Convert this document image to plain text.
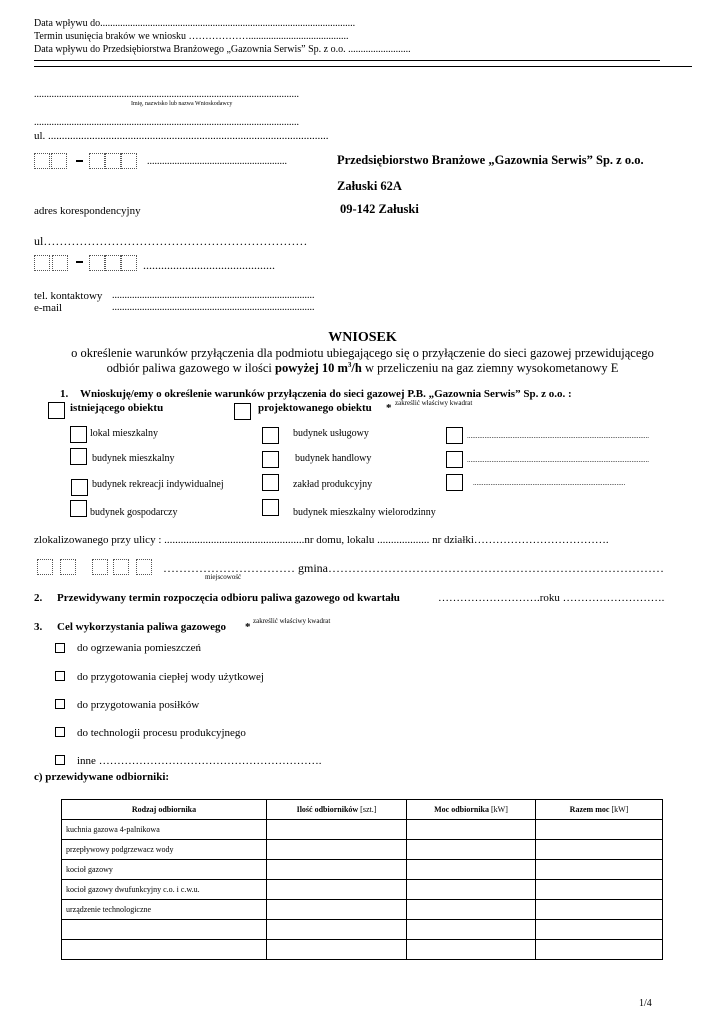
Data wpływu do......................................................................................................
Termin usunięcia braków we wniosku ………………........................................
Data wpływu do Przedsiębiorstwa Branżowego „Gazownia Serwis” Sp. z o.o. .........................
..........................................................................................................
Imię, nazwisko lub nazwa Wnioskodawcy
..........................................................................................................
ul. ......................................................................................................
........................................................
adres korespondencyjny
ul…………………………………………………………
............................................
tel. kontaktowy .................................................................................
e-mail	.................................................................................
Przedsiębiorstwo Branżowe „Gazownia Serwis” Sp. z o.o.
Załuski 62A
09-142 Załuski
WNIOSEK
o określenie warunków przyłączenia dla podmiotu ubiegającego się o przyłączenie do sieci gazowej przewidującego
odbiór paliwa gazowego w ilości powyżej 10 $m^3/h$ w przeliczeniu na gaz ziemny wysokometanowy E
1. Wnioskuję/emy o określenie warunków przyłączenia do sieci gazowej P.B. „Gazownia Serwis” Sp. z o.o. :
istniejącego obiektu	projektowanego obiektu * zakreślić właściwy kwadrat
lokal mieszkalny	budynek usługowy	........................................................................................................
budynek mieszkalny	budynek handlowy	........................................................................................................
budynek rekreacji indywidualnej	zakład produkcyjny	.......................................................................................
budynek gospodarczy	budynek mieszkalny wielorodzinny
zlokalizowanego przy ulicy : ...................................................nr domu, lokalu ................... nr działki……………………………….
…………………………… gmina…………………………………………………………………………
miejscowość
2. Przewidywany termin rozpoczęcia odbioru paliwa gazowego od kwartału	……………………….roku ……………………….
3. Cel wykorzystania paliwa gazowego * zakreślić właściwy kwadrat
do ogrzewania pomieszczeń
do przygotowania ciepłej wody użytkowej
do przygotowania posiłków
do technologii procesu produkcyjnego
inne …………………………………………………….
c) przewidywane odbiorniki:
Rodzaj odbiornika	Ilość odbiorników [szt.]	Moc odbiornika [kW]	Razem moc [kW]
kuchnia gazowa 4-palnikowa			
przepływowy podgrzewacz wody			
kocioł gazowy			
kocioł gazowy dwufunkcyjny c.o. i c.w.u.			
urządzenie technologiczne			

1/4
